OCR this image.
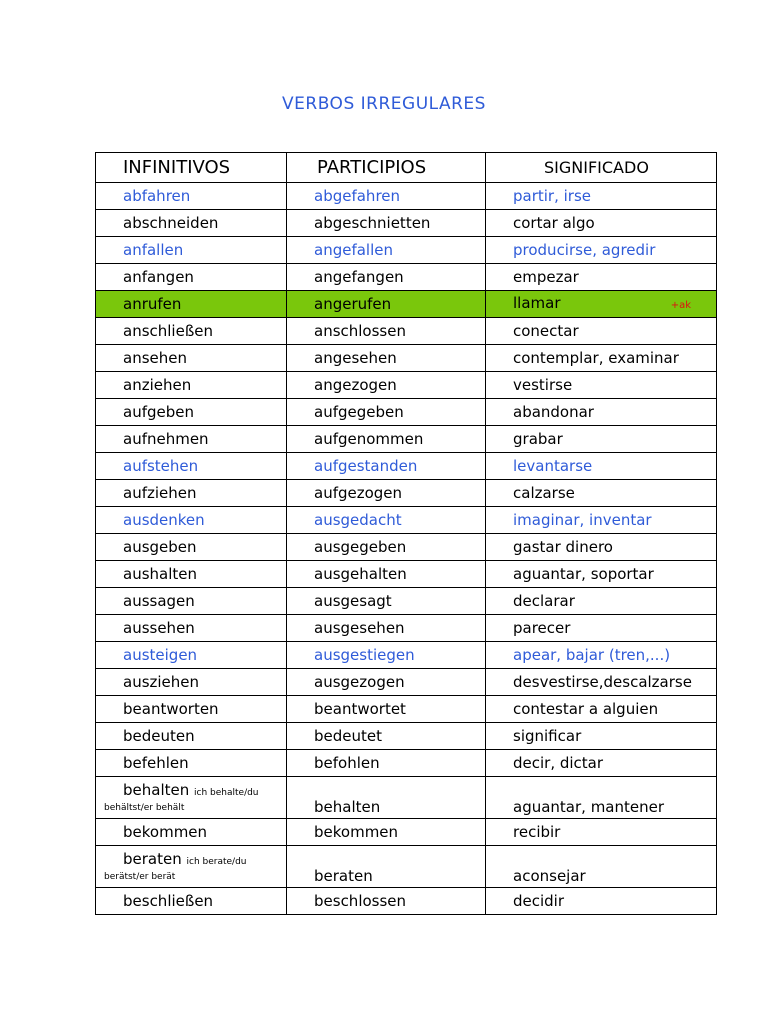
VERBOS IRREGULARES
INFINITIVOS	PARTICIPIOS	SIGNIFICADO
abfahren	abgefahren	partir, irse
abschneiden	abgeschnietten	cortar algo
anfallen	angefallen	producirse, agredir
anfangen	angefangen	empezar
anrufen	angerufen	llamar +ak

anschließen	anschlossen	conectar
ansehen	angesehen	contemplar, examinar
anziehen	angezogen	vestirse
aufgeben	aufgegeben	abandonar
aufnehmen	aufgenommen	grabar
aufstehen	aufgestanden	levantarse
aufziehen	aufgezogen	calzarse
ausdenken	ausgedacht	imaginar, inventar
ausgeben	ausgegeben	gastar dinero
aushalten	ausgehalten	aguantar, soportar
aussagen	ausgesagt	declarar
aussehen	ausgesehen	parecer
austeigen	ausgestiegen	apear, bajar (tren,...)
ausziehen	ausgezogen	desvestirse,descalzarse
beantworten	beantwortet	contestar a alguien
bedeuten	bedeutet	significar
befehlen	befohlen	decir, dictar
behalten ich behalte/du
behältst/er behält	behalten	aguantar, mantener
bekommen	bekommen	recibir
beraten ich berate/du
berätst/er berät	beraten	aconsejar
beschließen	beschlossen	decidir
